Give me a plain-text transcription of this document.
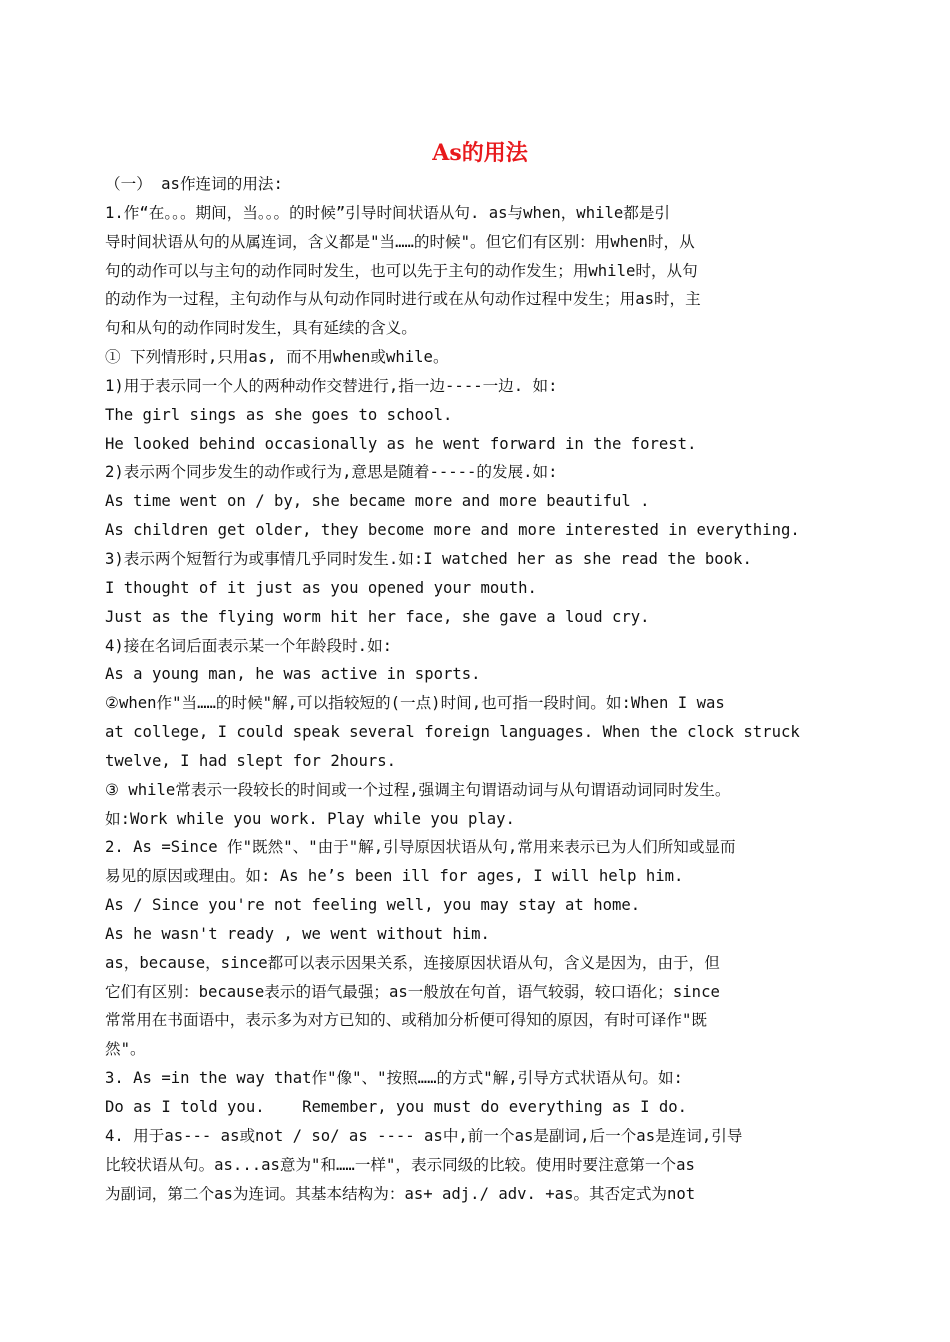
As的用法
（一） as作连词的用法:
1.作“在。。。期间，当。。。的时候”引导时间状语从句. as与when，while都是引
导时间状语从句的从属连词，含义都是"当……的时候"。但它们有区别：用when时，从
句的动作可以与主句的动作同时发生，也可以先于主句的动作发生；用while时，从句
的动作为一过程，主句动作与从句动作同时进行或在从句动作过程中发生；用as时，主
句和从句的动作同时发生，具有延续的含义。
① 下列情形时,只用as, 而不用when或while。
1)用于表示同一个人的两种动作交替进行,指一边----一边. 如:
The girl sings as she goes to school.
He looked behind occasionally as he went forward in the forest.
2)表示两个同步发生的动作或行为,意思是随着-----的发展.如:
As time went on / by, she became more and more beautiful .
As children get older, they become more and more interested in everything.
3)表示两个短暂行为或事情几乎同时发生.如:I watched her as she read the book.
I thought of it just as you opened your mouth.
Just as the flying worm hit her face, she gave a loud cry.
4)接在名词后面表示某一个年龄段时.如:
As a young man, he was active in sports.
②when作"当……的时候"解,可以指较短的(一点)时间,也可指一段时间。如:When I was
at college, I could speak several foreign languages. When the clock struck
twelve, I had slept for 2hours.
③ while常表示一段较长的时间或一个过程,强调主句谓语动词与从句谓语动词同时发生。
如:Work while you work. Play while you play.
2. As =Since 作"既然"、"由于"解,引导原因状语从句,常用来表示已为人们所知或显而
易见的原因或理由。如: As he’s been ill for ages, I will help him.
As / Since you're not feeling well, you may stay at home.
As he wasn't ready , we went without him.
as，because，since都可以表示因果关系，连接原因状语从句，含义是因为，由于，但
它们有区别：because表示的语气最强；as一般放在句首，语气较弱，较口语化；since
常常用在书面语中，表示多为对方已知的、或稍加分析便可得知的原因，有时可译作"既
然"。
3. As =in the way that作"像"、"按照……的方式"解,引导方式状语从句。如:
Do as I told you.    Remember, you must do everything as I do.
4. 用于as--- as或not / so/ as ---- as中,前一个as是副词,后一个as是连词,引导
比较状语从句。as...as意为"和……一样"，表示同级的比较。使用时要注意第一个as
为副词，第二个as为连词。其基本结构为：as+ adj./ adv. +as。其否定式为not
